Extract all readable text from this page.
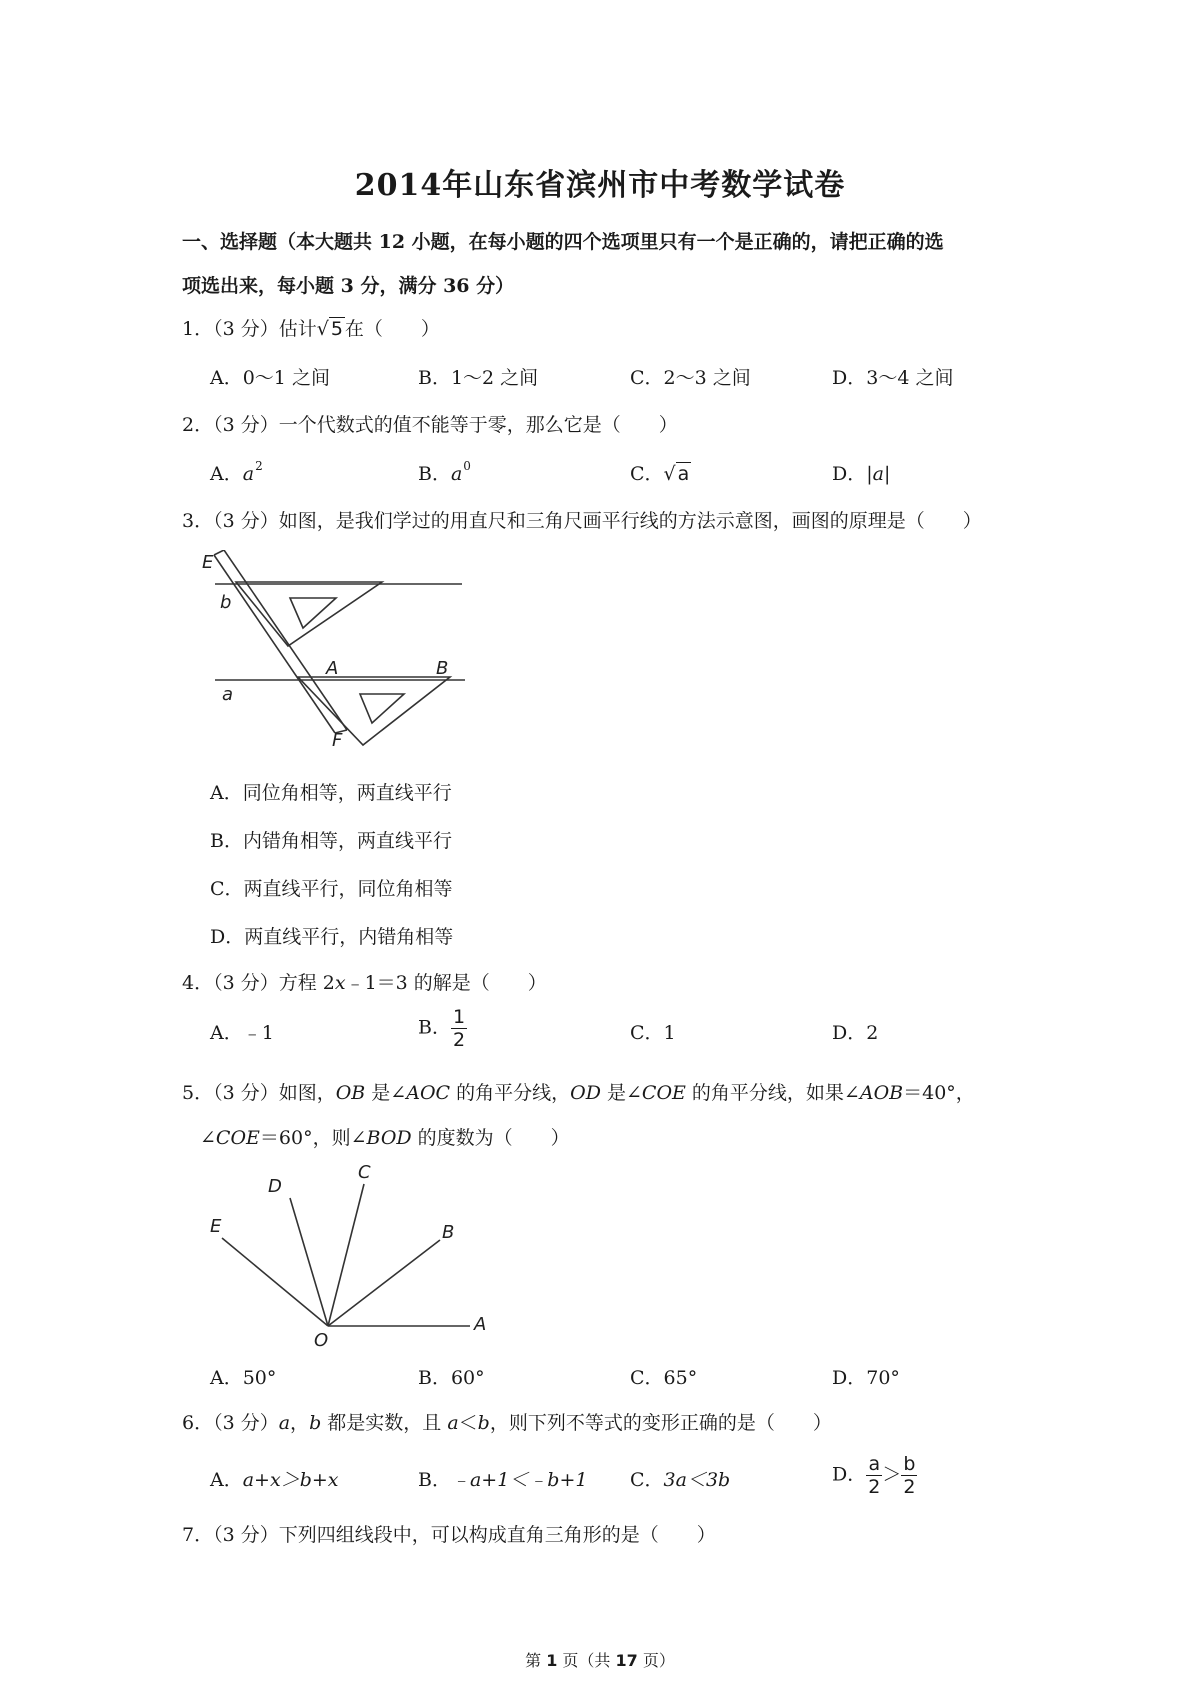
2014年山东省滨州市中考数学试卷
一、选择题（本大题共 12 小题，在每小题的四个选项里只有一个是正确的，请把正确的选
项选出来，每小题 3 分，满分 36 分）
1．（3 分）估计√ 5 在（　　）
A．0～1 之间	B．1～2 之间	C．2～3 之间	D．3～4 之间
2．（3 分）一个代数式的值不能等于零，那么它是（　　）
A．$a^2$	B．$a^0$	C．√ a	D．|a|
3．（3 分）如图，是我们学过的用直尺和三角尺画平行线的方法示意图，画图的原理是（　　）
E
b
A	B
a
F
A．同位角相等，两直线平行
B．内错角相等，两直线平行
C．两直线平行，同位角相等
D．两直线平行，内错角相等
4．（3 分）方程 2x﹣1＝3 的解是（　　）
A．﹣1	B． $\frac{1}{2}$	C．1	D．2
5．（3 分）如图，OB 是∠AOC 的角平分线，OD 是∠COE 的角平分线，如果∠AOB＝40°，
∠COE＝60°，则∠BOD 的度数为（　　）
D
C
E	B
O
A
A．50°	B．60°	C．65°	D．70°
6．（3 分）a，b 都是实数，且 a＜b，则下列不等式的变形正确的是（　　）
A．a+x＞b+x	B．﹣a+1＜﹣b+1 C．3a＜3b	D． $\frac{a}{2} > \frac{b}{2}$
7．（3 分）下列四组线段中，可以构成直角三角形的是（　　）
第 1 页（共 17 页）
